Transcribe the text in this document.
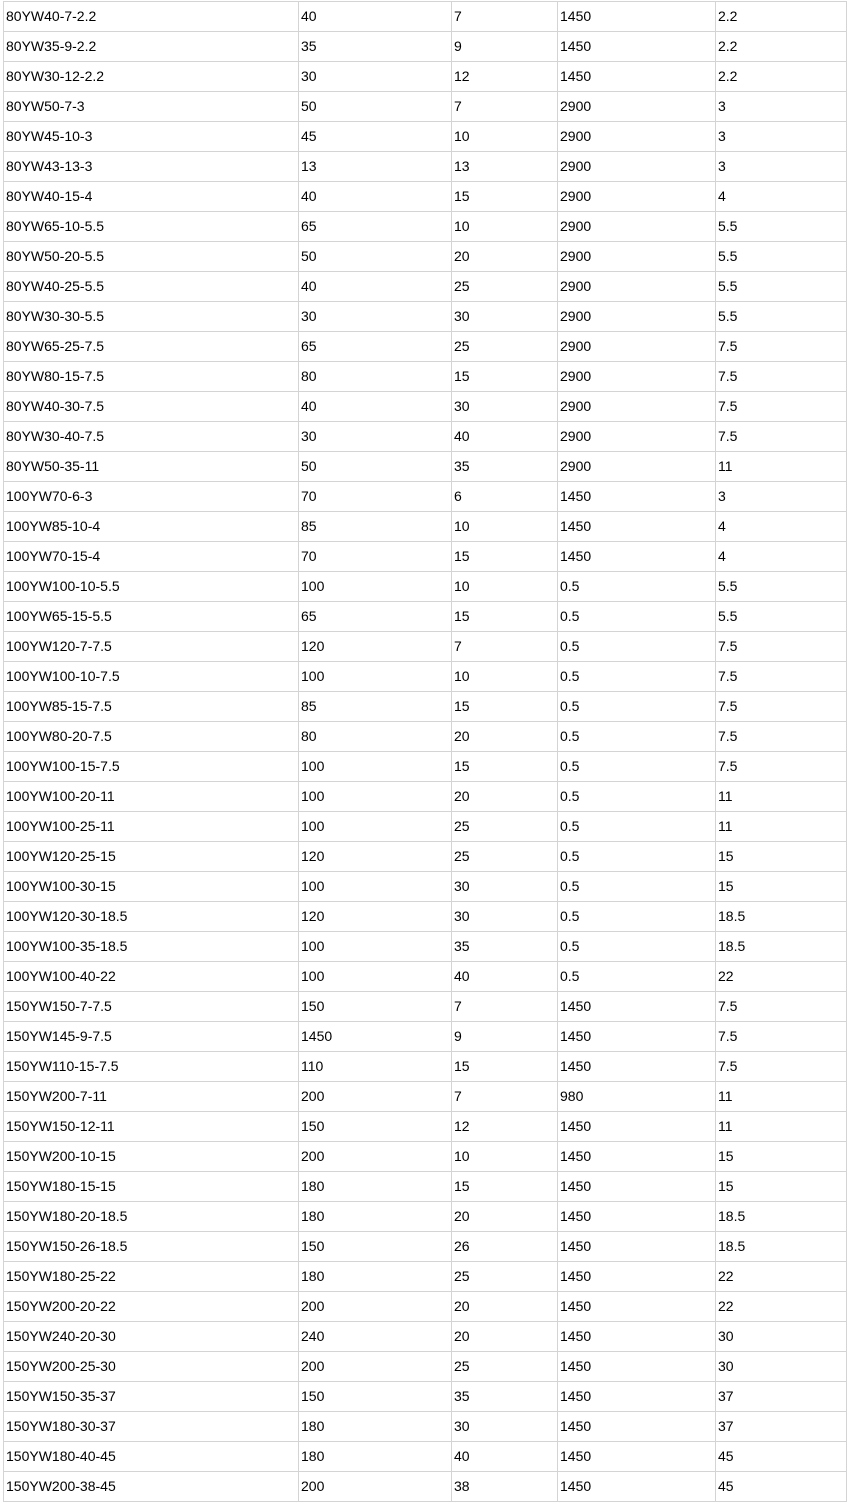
80YW40-7-2.2	40	7	1450	2.2
80YW35-9-2.2	35	9	1450	2.2
80YW30-12-2.2	30	12	1450	2.2
80YW50-7-3	50	7	2900	3
80YW45-10-3	45	10	2900	3
80YW43-13-3	13	13	2900	3
80YW40-15-4	40	15	2900	4
80YW65-10-5.5	65	10	2900	5.5
80YW50-20-5.5	50	20	2900	5.5
80YW40-25-5.5	40	25	2900	5.5
80YW30-30-5.5	30	30	2900	5.5
80YW65-25-7.5	65	25	2900	7.5
80YW80-15-7.5	80	15	2900	7.5
80YW40-30-7.5	40	30	2900	7.5
80YW30-40-7.5	30	40	2900	7.5
80YW50-35-11	50	35	2900	11
100YW70-6-3	70	6	1450	3
100YW85-10-4	85	10	1450	4
100YW70-15-4	70	15	1450	4
100YW100-10-5.5	100	10	0.5	5.5
100YW65-15-5.5	65	15	0.5	5.5
100YW120-7-7.5	120	7	0.5	7.5
100YW100-10-7.5	100	10	0.5	7.5
100YW85-15-7.5	85	15	0.5	7.5
100YW80-20-7.5	80	20	0.5	7.5
100YW100-15-7.5	100	15	0.5	7.5
100YW100-20-11	100	20	0.5	11
100YW100-25-11	100	25	0.5	11
100YW120-25-15	120	25	0.5	15
100YW100-30-15	100	30	0.5	15
100YW120-30-18.5	120	30	0.5	18.5
100YW100-35-18.5	100	35	0.5	18.5
100YW100-40-22	100	40	0.5	22
150YW150-7-7.5	150	7	1450	7.5
150YW145-9-7.5	1450	9	1450	7.5
150YW110-15-7.5	110	15	1450	7.5
150YW200-7-11	200	7	980	11
150YW150-12-11	150	12	1450	11
150YW200-10-15	200	10	1450	15
150YW180-15-15	180	15	1450	15
150YW180-20-18.5	180	20	1450	18.5
150YW150-26-18.5	150	26	1450	18.5
150YW180-25-22	180	25	1450	22
150YW200-20-22	200	20	1450	22
150YW240-20-30	240	20	1450	30
150YW200-25-30	200	25	1450	30
150YW150-35-37	150	35	1450	37
150YW180-30-37	180	30	1450	37
150YW180-40-45	180	40	1450	45
150YW200-38-45	200	38	1450	45
